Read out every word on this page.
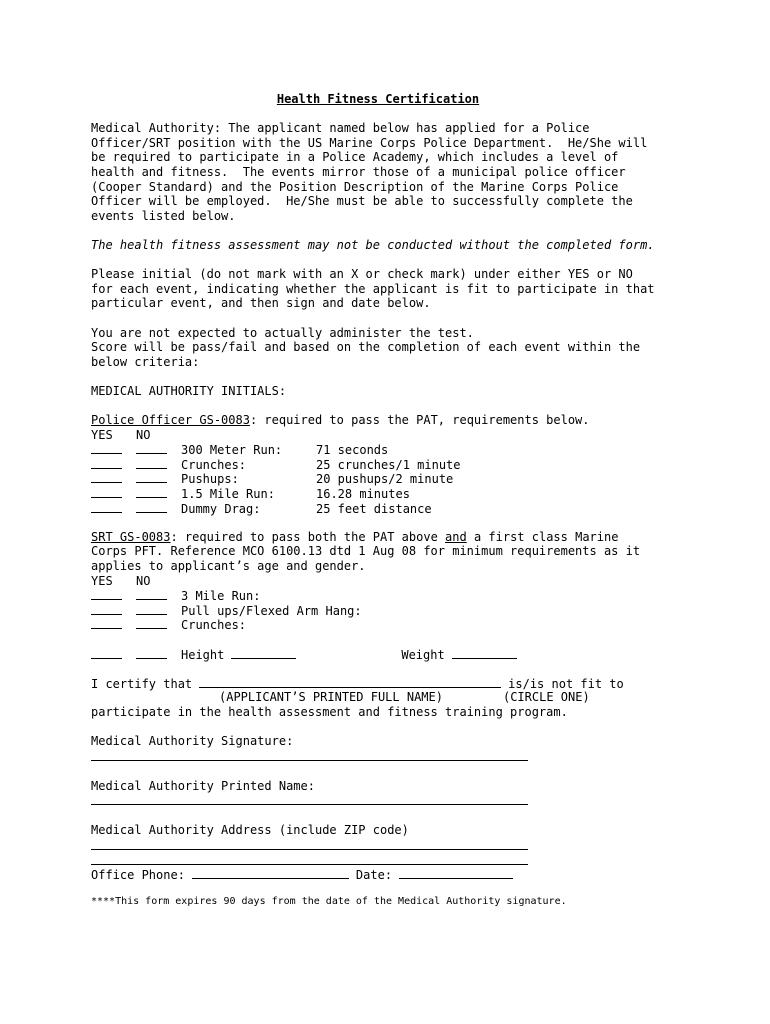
Health Fitness Certification
Medical Authority: The applicant named below has applied for a Police
Officer/SRT position with the US Marine Corps Police Department.  He/She will
be required to participate in a Police Academy, which includes a level of
health and fitness.  The events mirror those of a municipal police officer
(Cooper Standard) and the Position Description of the Marine Corps Police
Officer will be employed.  He/She must be able to successfully complete the
events listed below.
The health fitness assessment may not be conducted without the completed form.
Please initial (do not mark with an X or check mark) under either YES or NO
for each event, indicating whether the applicant is fit to participate in that
particular event, and then sign and date below.
You are not expected to actually administer the test.
Score will be pass/fail and based on the completion of each event within the
below criteria:
MEDICAL AUTHORITY INITIALS:
Police Officer GS-0083: required to pass the PAT, requirements below.
YES NO
300 Meter Run:	71 seconds
Crunches:	25 crunches/1 minute
Pushups:	20 pushups/2 minute
1.5 Mile Run:	16.28 minutes
Dummy Drag:	25 feet distance
SRT GS-0083: required to pass both the PAT above and a first class Marine
Corps PFT. Reference MCO 6100.13 dtd 1 Aug 08 for minimum requirements as it
applies to applicant’s age and gender.
YES NO
3 Mile Run:
Pull ups/Flexed Arm Hang:
Crunches:
Height	Weight
I certify that	is/is not fit to
(APPLICANT’S PRINTED FULL NAME)	(CIRCLE ONE)
participate in the health assessment and fitness training program.
Medical Authority Signature:
Medical Authority Printed Name:
Medical Authority Address (include ZIP code)
Office Phone:	Date:
****This form expires 90 days from the date of the Medical Authority signature.
